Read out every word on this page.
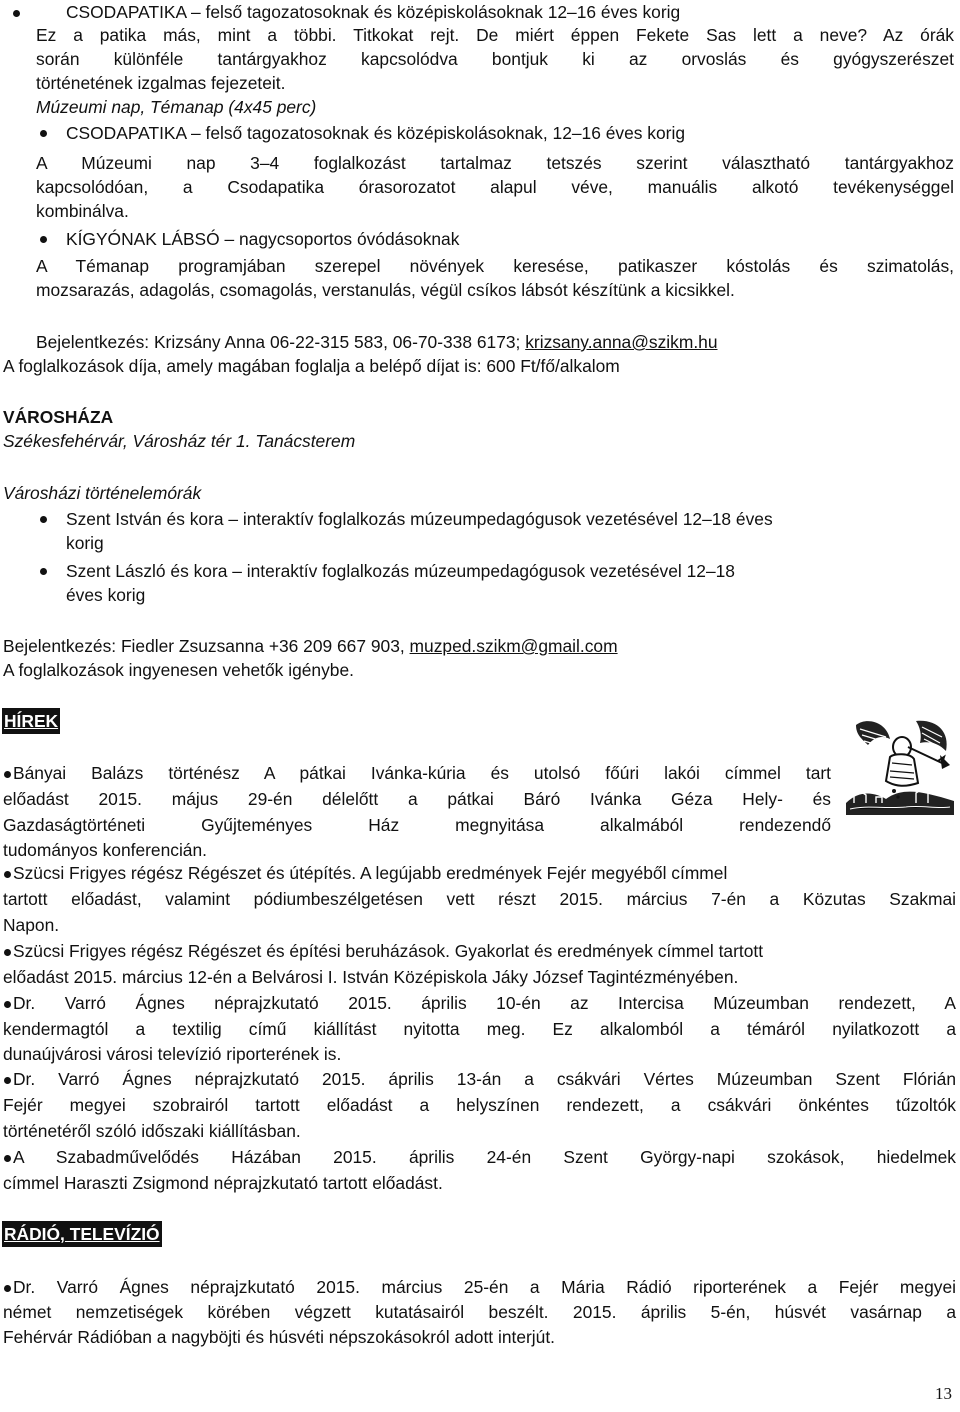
CSODAPATIKA – felső tagozatosoknak és középiskolásoknak 12–16 éves korig
Ez a patika más, mint a többi. Titkokat rejt. De miért éppen Fekete Sas lett a neve? Az órák
során különféle tantárgyakhoz kapcsolódva bontjuk ki az orvoslás és gyógyszerészet
történetének izgalmas fejezeteit.
Múzeumi nap, Témanap (4x45 perc)
CSODAPATIKA – felső tagozatosoknak és középiskolásoknak, 12–16 éves korig
A Múzeumi nap 3–4 foglalkozást tartalmaz tetszés szerint választható tantárgyakhoz
kapcsolódóan, a Csodapatika órasorozatot alapul véve, manuális alkotó tevékenységgel
kombinálva.
KÍGYÓNAK LÁBSÓ – nagycsoportos óvódásoknak
A Témanap programjában szerepel növények keresése, patikaszer kóstolás és szimatolás,
mozsarazás, adagolás, csomagolás, verstanulás, végül csíkos lábsót készítünk a kicsikkel.
Bejelentkezés: Krizsány Anna 06-22-315 583, 06-70-338 6173; krizsany.anna@szikm.hu
A foglalkozások díja, amely magában foglalja a belépő díjat is: 600 Ft/fő/alkalom
VÁROSHÁZA
Székesfehérvár, Városház tér 1. Tanácsterem
Városházi történelemórák
Szent István és kora – interaktív foglalkozás múzeumpedagógusok vezetésével 12–18 éves
korig
Szent László és kora – interaktív foglalkozás múzeumpedagógusok vezetésével 12–18
éves korig
Bejelentkezés: Fiedler Zsuzsanna +36 209 667 903, muzped.szikm@gmail.com
A foglalkozások ingyenesen vehetők igénybe.
HÍREK
Bányai Balázs történész A pátkai Ivánka-kúria és utolsó főúri lakói címmel tart
előadást 2015. május 29-én délelőtt a pátkai Báró Ivánka Géza Hely- és
Gazdaságtörténeti Gyűjteményes Ház megnyitása alkalmából rendezendő
tudományos konferencián.
Szücsi Frigyes régész Régészet és útépítés. A legújabb eredmények Fejér megyéből címmel
tartott előadást, valamint pódiumbeszélgetésen vett részt 2015. március 7-én a Közutas Szakmai
Napon.
Szücsi Frigyes régész Régészet és építési beruházások. Gyakorlat és eredmények címmel tartott
előadást 2015. március 12-én a Belvárosi I. István Középiskola Jáky József Tagintézményében.
Dr. Varró Ágnes néprajzkutató 2015. április 10-én az Intercisa Múzeumban rendezett, A
kendermagtól a textilig című kiállítást nyitotta meg. Ez alkalomból a témáról nyilatkozott a
dunaújvárosi városi televízió riporterének is.
Dr. Varró Ágnes néprajzkutató 2015. április 13-án a csákvári Vértes Múzeumban Szent Flórián
Fejér megyei szobrairól tartott előadást a helyszínen rendezett, a csákvári önkéntes tűzoltók
történetéről szóló időszaki kiállításban.
A Szabadművelődés Házában 2015. április 24-én Szent György-napi szokások, hiedelmek
címmel Haraszti Zsigmond néprajzkutató tartott előadást.
RÁDIÓ, TELEVÍZIÓ
Dr. Varró Ágnes néprajzkutató 2015. március 25-én a Mária Rádió riporterének a Fejér megyei
német nemzetiségek körében végzett kutatásairól beszélt. 2015. április 5-én, húsvét vasárnap a
Fehérvár Rádióban a nagyböjti és húsvéti népszokásokról adott interjút.
13
